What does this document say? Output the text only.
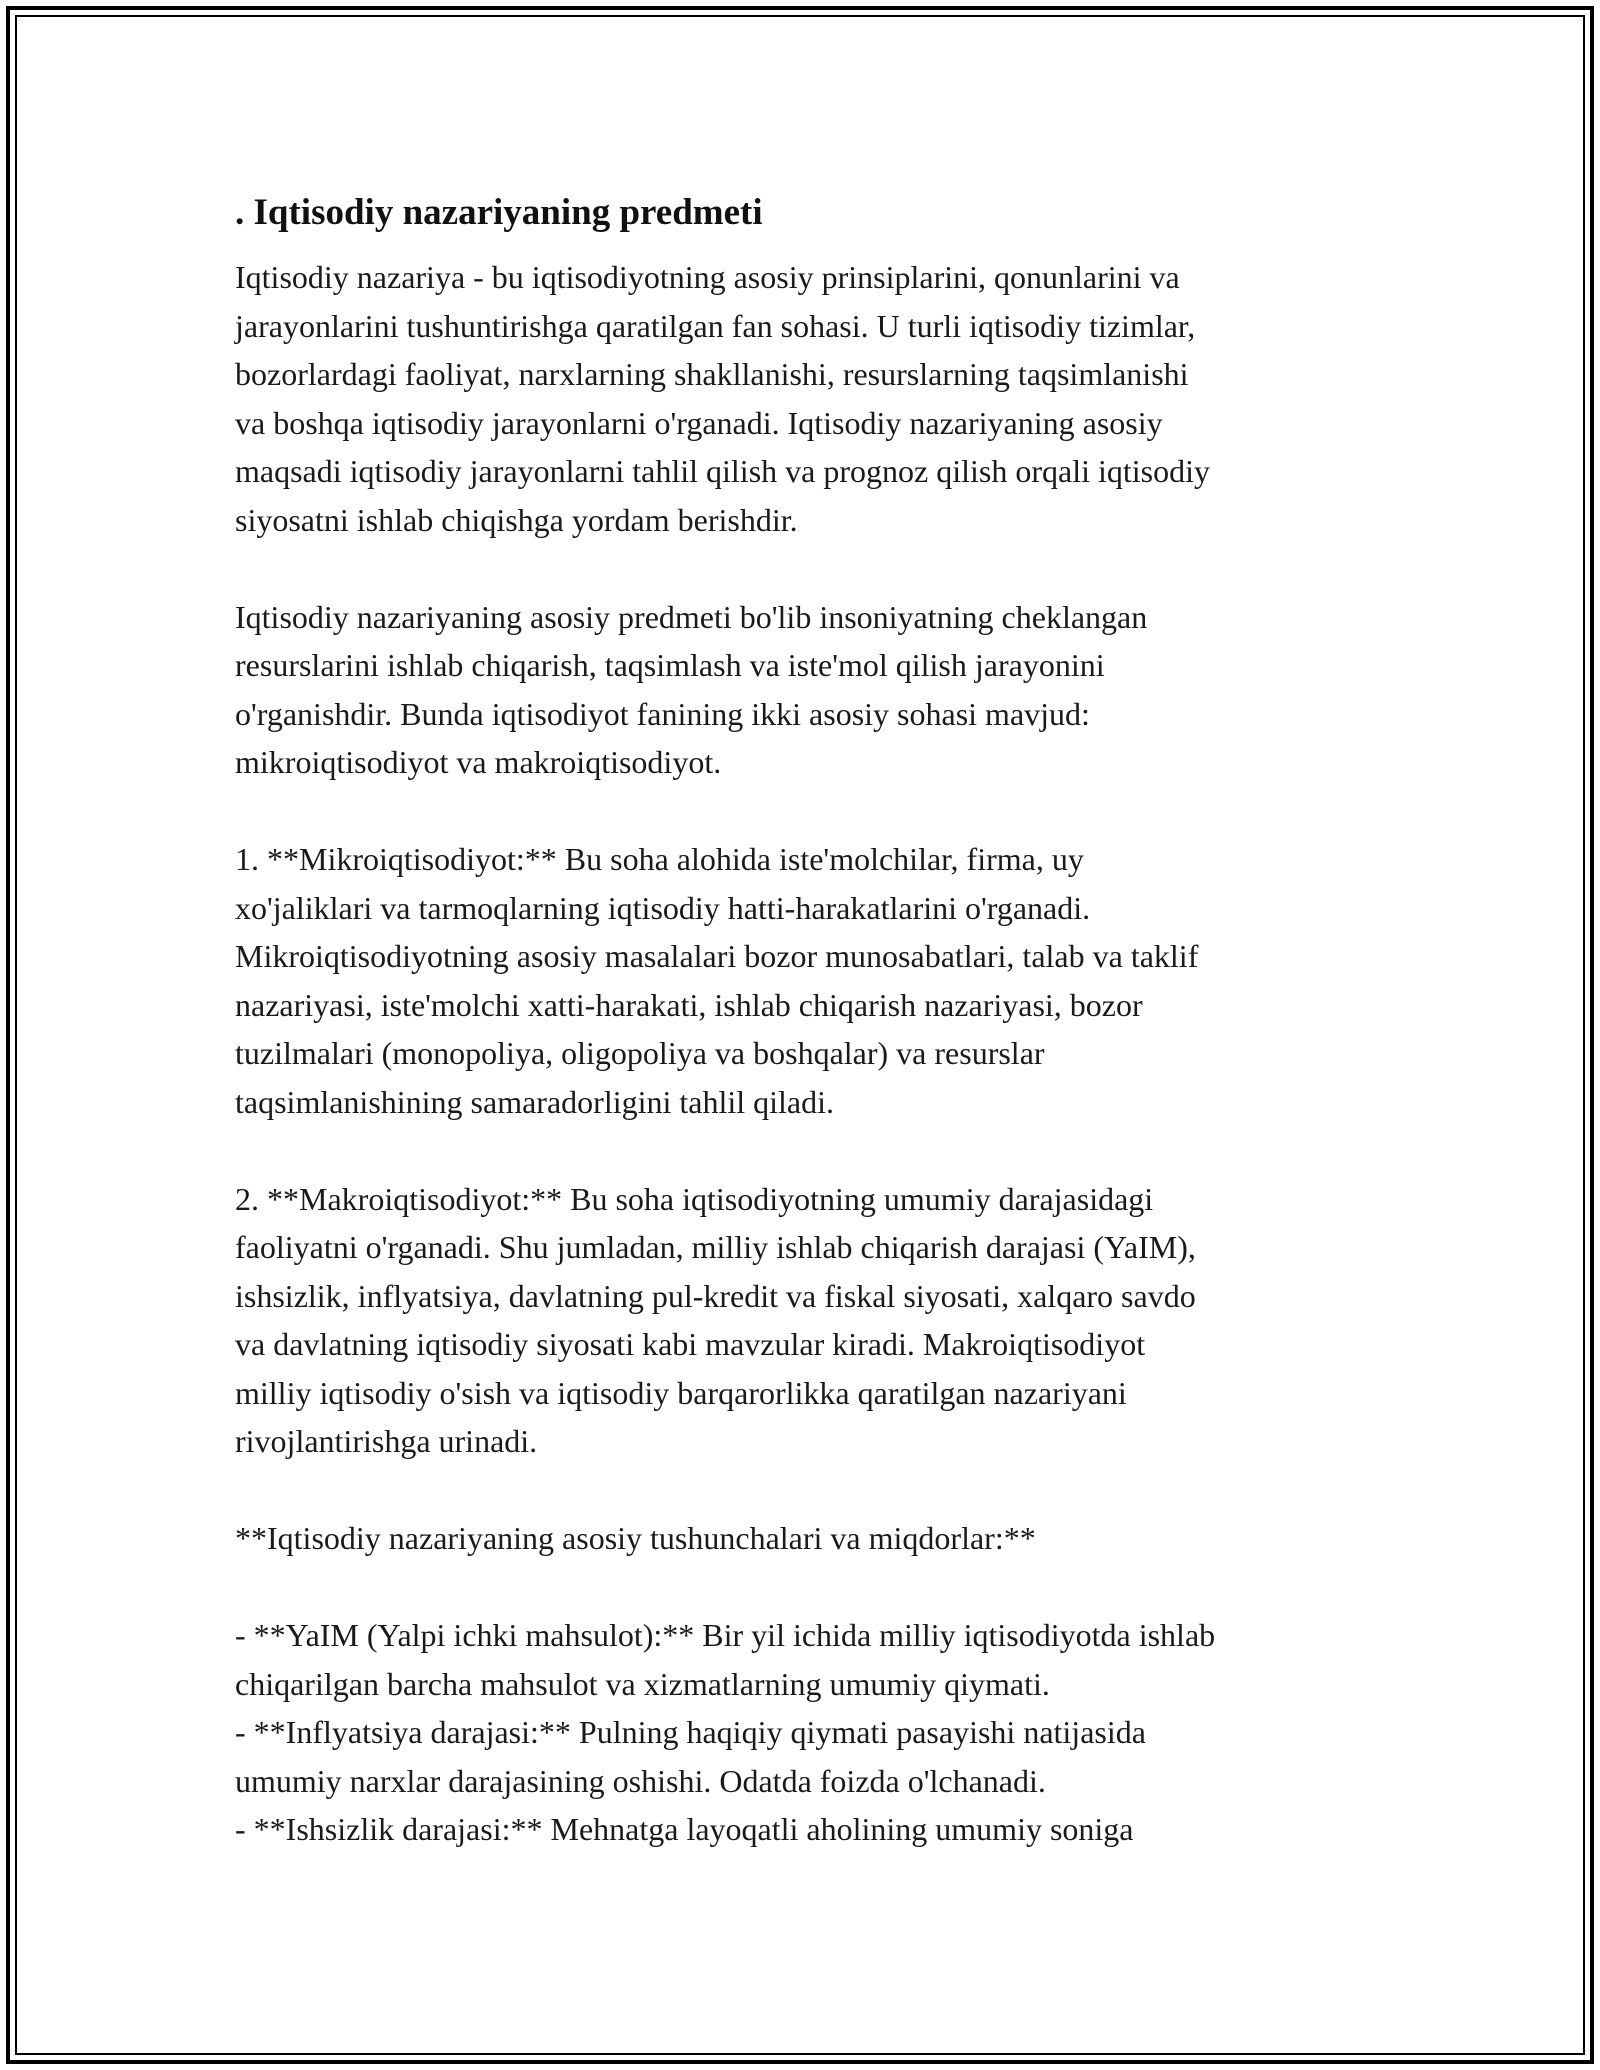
. Iqtisodiy nazariyaning predmeti

Iqtisodiy nazariya - bu iqtisodiyotning asosiy prinsiplarini, qonunlarini va
jarayonlarini tushuntirishga qaratilgan fan sohasi. U turli iqtisodiy tizimlar,
bozorlardagi faoliyat, narxlarning shakllanishi, resurslarning taqsimlanishi
va boshqa iqtisodiy jarayonlarni o'rganadi. Iqtisodiy nazariyaning asosiy
maqsadi iqtisodiy jarayonlarni tahlil qilish va prognoz qilish orqali iqtisodiy
siyosatni ishlab chiqishga yordam berishdir.

Iqtisodiy nazariyaning asosiy predmeti bo'lib insoniyatning cheklangan
resurslarini ishlab chiqarish, taqsimlash va iste'mol qilish jarayonini
o'rganishdir. Bunda iqtisodiyot fanining ikki asosiy sohasi mavjud:
mikroiqtisodiyot va makroiqtisodiyot.

1. **Mikroiqtisodiyot:** Bu soha alohida iste'molchilar, firma, uy
xo'jaliklari va tarmoqlarning iqtisodiy hatti-harakatlarini o'rganadi.
Mikroiqtisodiyotning asosiy masalalari bozor munosabatlari, talab va taklif
nazariyasi, iste'molchi xatti-harakati, ishlab chiqarish nazariyasi, bozor
tuzilmalari (monopoliya, oligopoliya va boshqalar) va resurslar
taqsimlanishining samaradorligini tahlil qiladi.

2. **Makroiqtisodiyot:** Bu soha iqtisodiyotning umumiy darajasidagi
faoliyatni o'rganadi. Shu jumladan, milliy ishlab chiqarish darajasi (YaIM),
ishsizlik, inflyatsiya, davlatning pul-kredit va fiskal siyosati, xalqaro savdo
va davlatning iqtisodiy siyosati kabi mavzular kiradi. Makroiqtisodiyot
milliy iqtisodiy o'sish va iqtisodiy barqarorlikka qaratilgan nazariyani
rivojlantirishga urinadi.

**Iqtisodiy nazariyaning asosiy tushunchalari va miqdorlar:**

- **YaIM (Yalpi ichki mahsulot):** Bir yil ichida milliy iqtisodiyotda ishlab
chiqarilgan barcha mahsulot va xizmatlarning umumiy qiymati.
- **Inflyatsiya darajasi:** Pulning haqiqiy qiymati pasayishi natijasida
umumiy narxlar darajasining oshishi. Odatda foizda o'lchanadi.
- **Ishsizlik darajasi:** Mehnatga layoqatli aholining umumiy soniga
